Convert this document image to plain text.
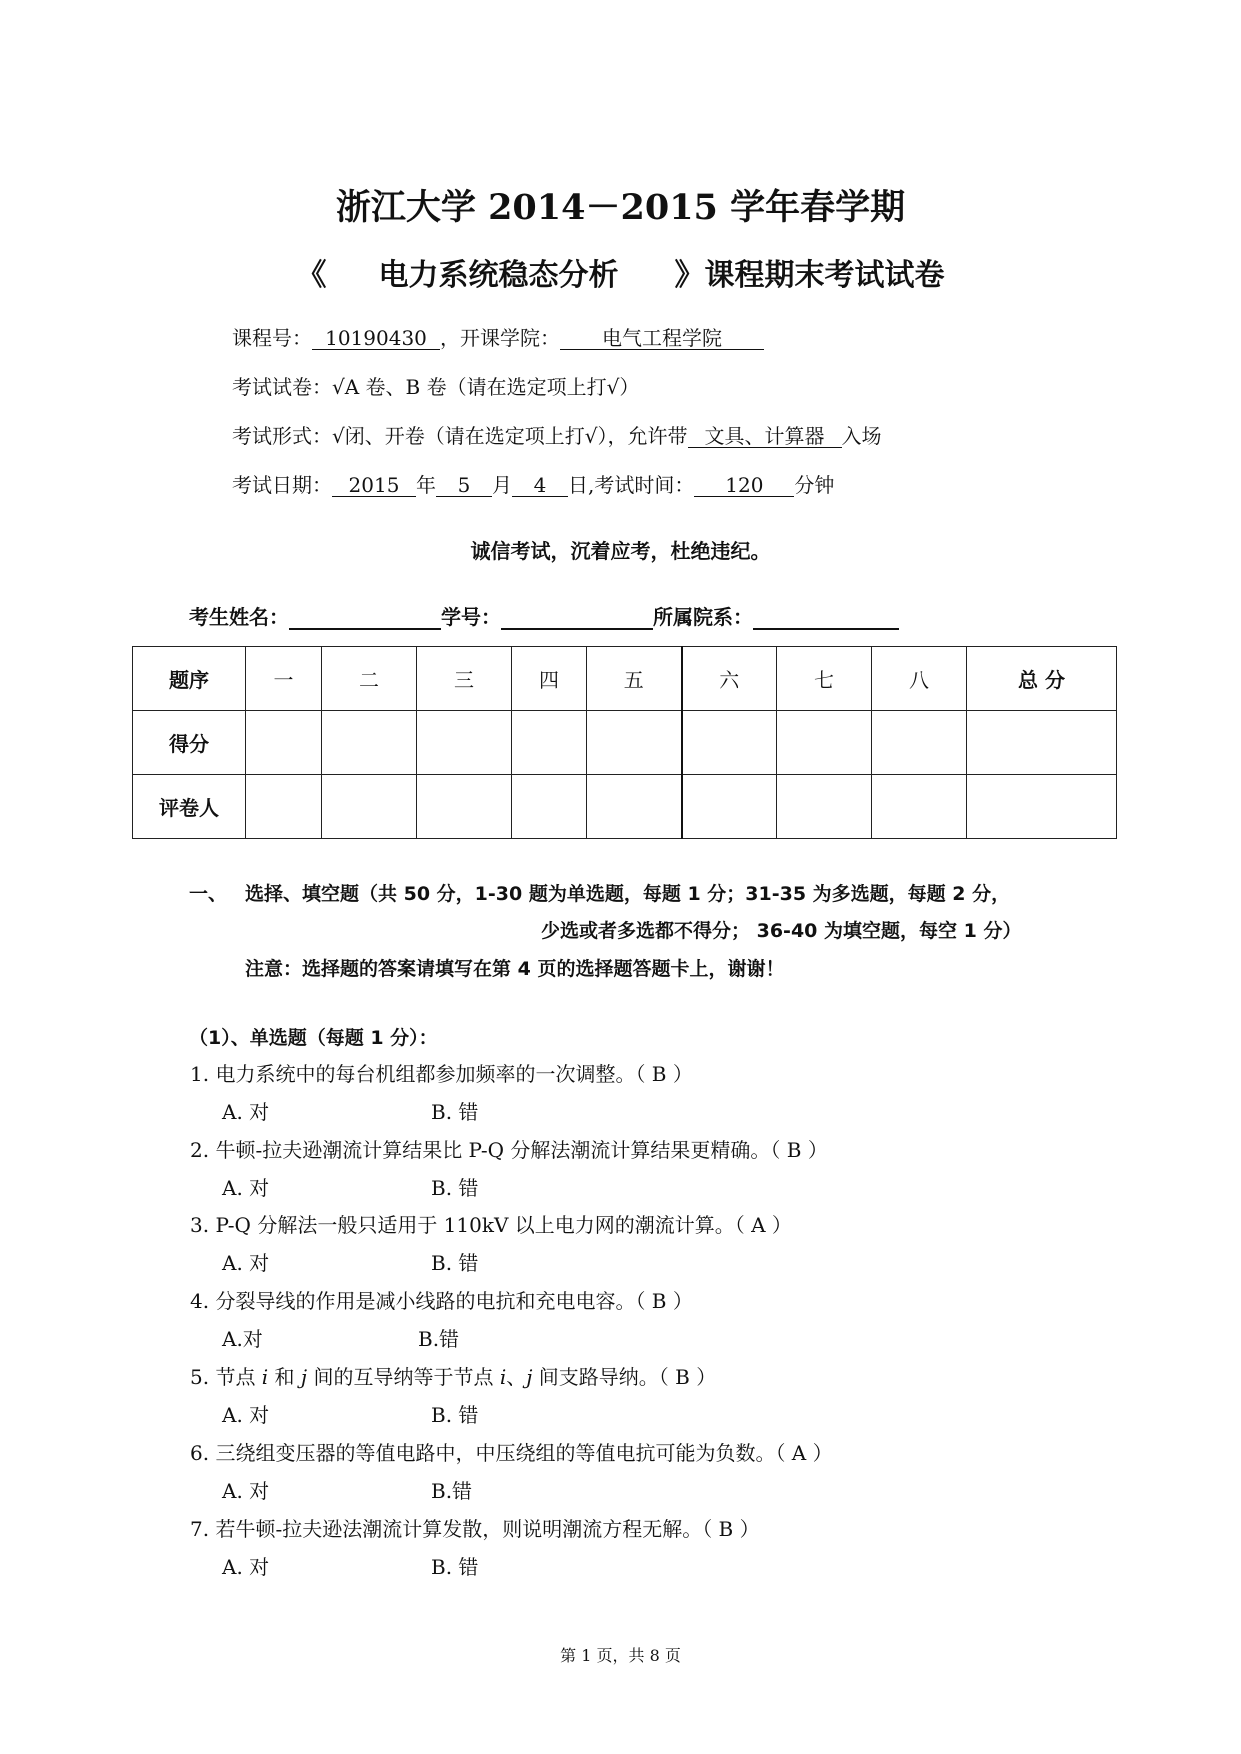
浙江大学 2014－2015 学年春学期
《 电力系统稳态分析 》课程期末考试试卷
课程号： 10190430 ，开课学院： 电气工程学院
考试试卷：√A 卷、B 卷（请在选定项上打√）
考试形式：√闭、开卷（请在选定项上打√），允许带 文具、计算器 入场
考试日期： 2015 年 5 月 4 日,考试时间： 120 分钟
诚信考试，沉着应考，杜绝违纪。
考生姓名：	学号：	所属院系：
题序	一	二	三	四	五	六	七	八	总 分
得分									
评卷人									
一、 选择、填空题（共 50 分，1-30 题为单选题，每题 1 分；31-35 为多选题，每题 2 分，
少选或者多选都不得分； 36-40 为填空题，每空 1 分）
注意：选择题的答案请填写在第 4 页的选择题答题卡上，谢谢！
（1）、单选题（每题 1 分）：
1. 电力系统中的每台机组都参加频率的一次调整。（ B ）
A. 对	B. 错
2. 牛顿-拉夫逊潮流计算结果比 P-Q 分解法潮流计算结果更精确。（ B ）
A. 对	B. 错
3. P-Q 分解法一般只适用于 110kV 以上电力网的潮流计算。（ A ）
A. 对	B. 错
4. 分裂导线的作用是减小线路的电抗和充电电容。（ B ）
A.对	B.错
5. 节点 i 和 j 间的互导纳等于节点 i、j 间支路导纳。（ B ）
A. 对	B. 错
6. 三绕组变压器的等值电路中，中压绕组的等值电抗可能为负数。（ A ）
A. 对	B.错
7. 若牛顿-拉夫逊法潮流计算发散，则说明潮流方程无解。（ B ）
A. 对	B. 错
第 1 页，共 8 页
